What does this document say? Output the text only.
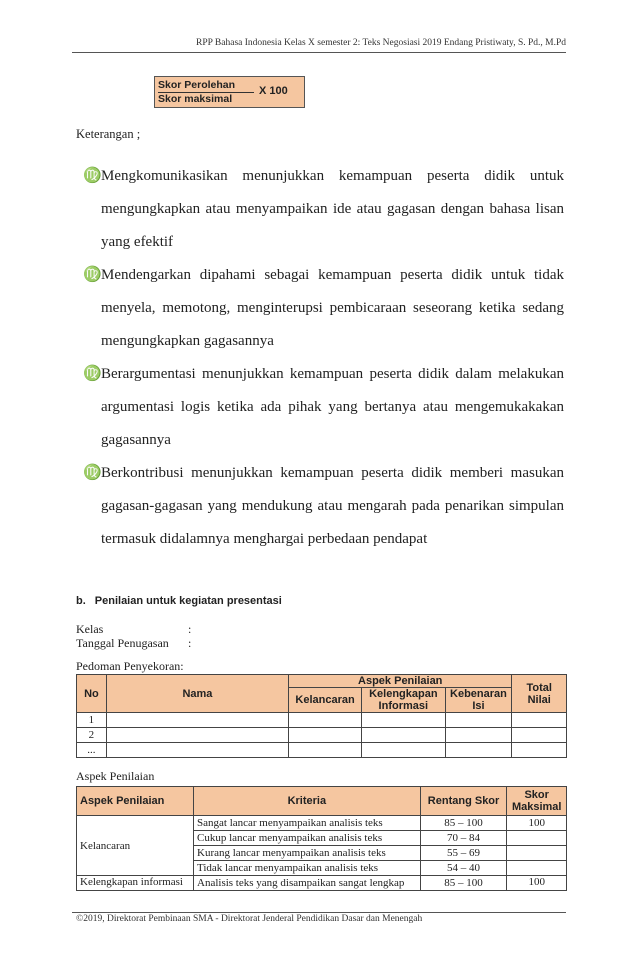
RPP Bahasa Indonesia Kelas X semester 2: Teks Negosiasi 2019 Endang Pristiwaty, S. Pd., M.Pd
Skor Perolehan
Skor maksimal
X 100
Keterangan ;
♍ Mengkomunikasikan menunjukkan kemampuan peserta didik untuk mengungkapkan atau menyampaikan ide atau gagasan dengan bahasa lisan yang efektif
♍ Mendengarkan dipahami sebagai kemampuan peserta didik untuk tidak menyela, memotong, menginterupsi pembicaraan seseorang ketika sedang mengungkapkan gagasannya
♍ Berargumentasi menunjukkan kemampuan peserta didik dalam melakukan argumentasi logis ketika ada pihak yang bertanya atau mengemukakakan gagasannya
♍ Berkontribusi menunjukkan kemampuan peserta didik memberi masukan gagasan-gagasan yang mendukung atau mengarah pada penarikan simpulan termasuk didalamnya menghargai perbedaan pendapat
b. Penilaian untuk kegiatan presentasi
Kelas	:
Tanggal Penugasan :
Pedoman Penyekoran:
No	Nama	Aspek Penilaian			Total Nilai
		Kelancaran	Kelengkapan Informasi	Kebenaran Isi	
1					
2					
...					
Aspek Penilaian
Aspek Penilaian	Kriteria	Rentang Skor	Skor Maksimal
Kelancaran	Sangat lancar menyampaikan analisis teks	85 – 100	100
	Cukup lancar menyampaikan analisis teks	70 – 84	
	Kurang lancar menyampaikan analisis teks	55 – 69	
	Tidak lancar menyampaikan analisis teks	54 – 40	
Kelengkapan informasi	Analisis teks yang disampaikan sangat lengkap	85 – 100	100
©2019, Direktorat Pembinaan SMA - Direktorat Jenderal Pendidikan Dasar dan Menengah
